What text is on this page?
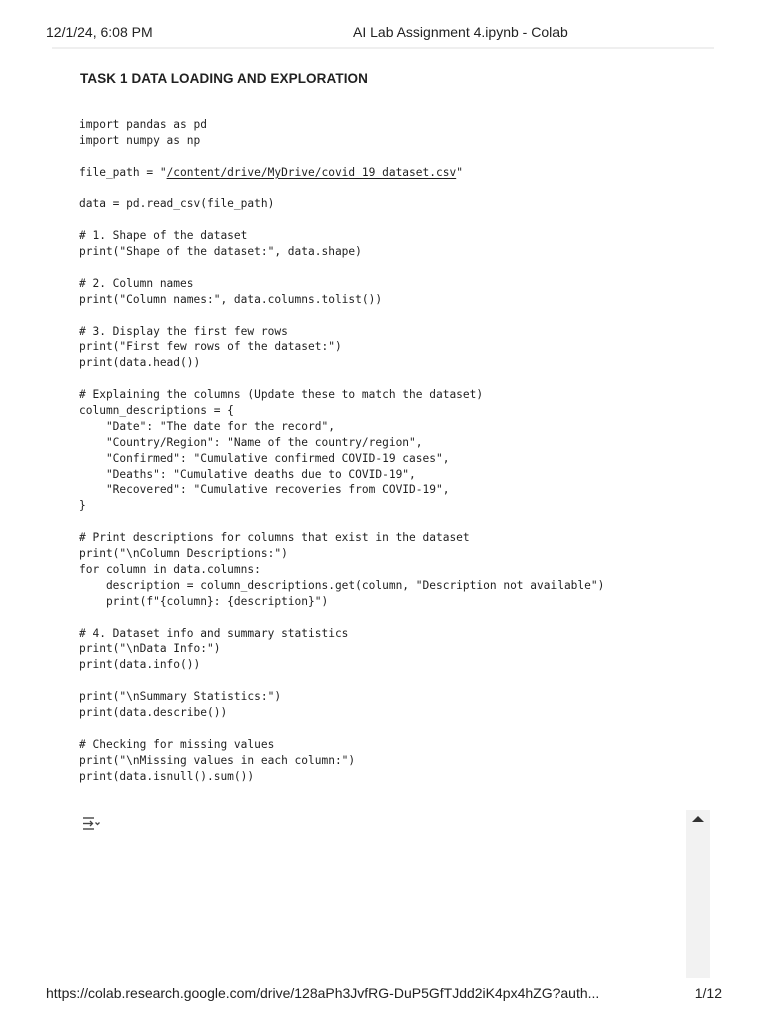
12/1/24, 6:08 PM	AI Lab Assignment 4.ipynb - Colab
TASK 1 DATA LOADING AND EXPLORATION
import pandas as pd
import numpy as np

file_path = "/content/drive/MyDrive/covid_19_dataset.csv"

data = pd.read_csv(file_path)

# 1. Shape of the dataset
print("Shape of the dataset:", data.shape)

# 2. Column names
print("Column names:", data.columns.tolist())

# 3. Display the first few rows
print("First few rows of the dataset:")
print(data.head())

# Explaining the columns (Update these to match the dataset)
column_descriptions = {
"Date": "The date for the record",
"Country/Region": "Name of the country/region",
"Confirmed": "Cumulative confirmed COVID-19 cases",
"Deaths": "Cumulative deaths due to COVID-19",
"Recovered": "Cumulative recoveries from COVID-19",
}

# Print descriptions for columns that exist in the dataset
print("\nColumn Descriptions:")
for column in data.columns:
description = column_descriptions.get(column, "Description not available")
print(f"{column}: {description}")

# 4. Dataset info and summary statistics
print("\nData Info:")
print(data.info())

print("\nSummary Statistics:")
print(data.describe())

# Checking for missing values
print("\nMissing values in each column:")
print(data.isnull().sum())
https://colab.research.google.com/drive/128aPh3JvfRG-DuP5GfTJdd2iK4px4hZG?auth...	1/12
